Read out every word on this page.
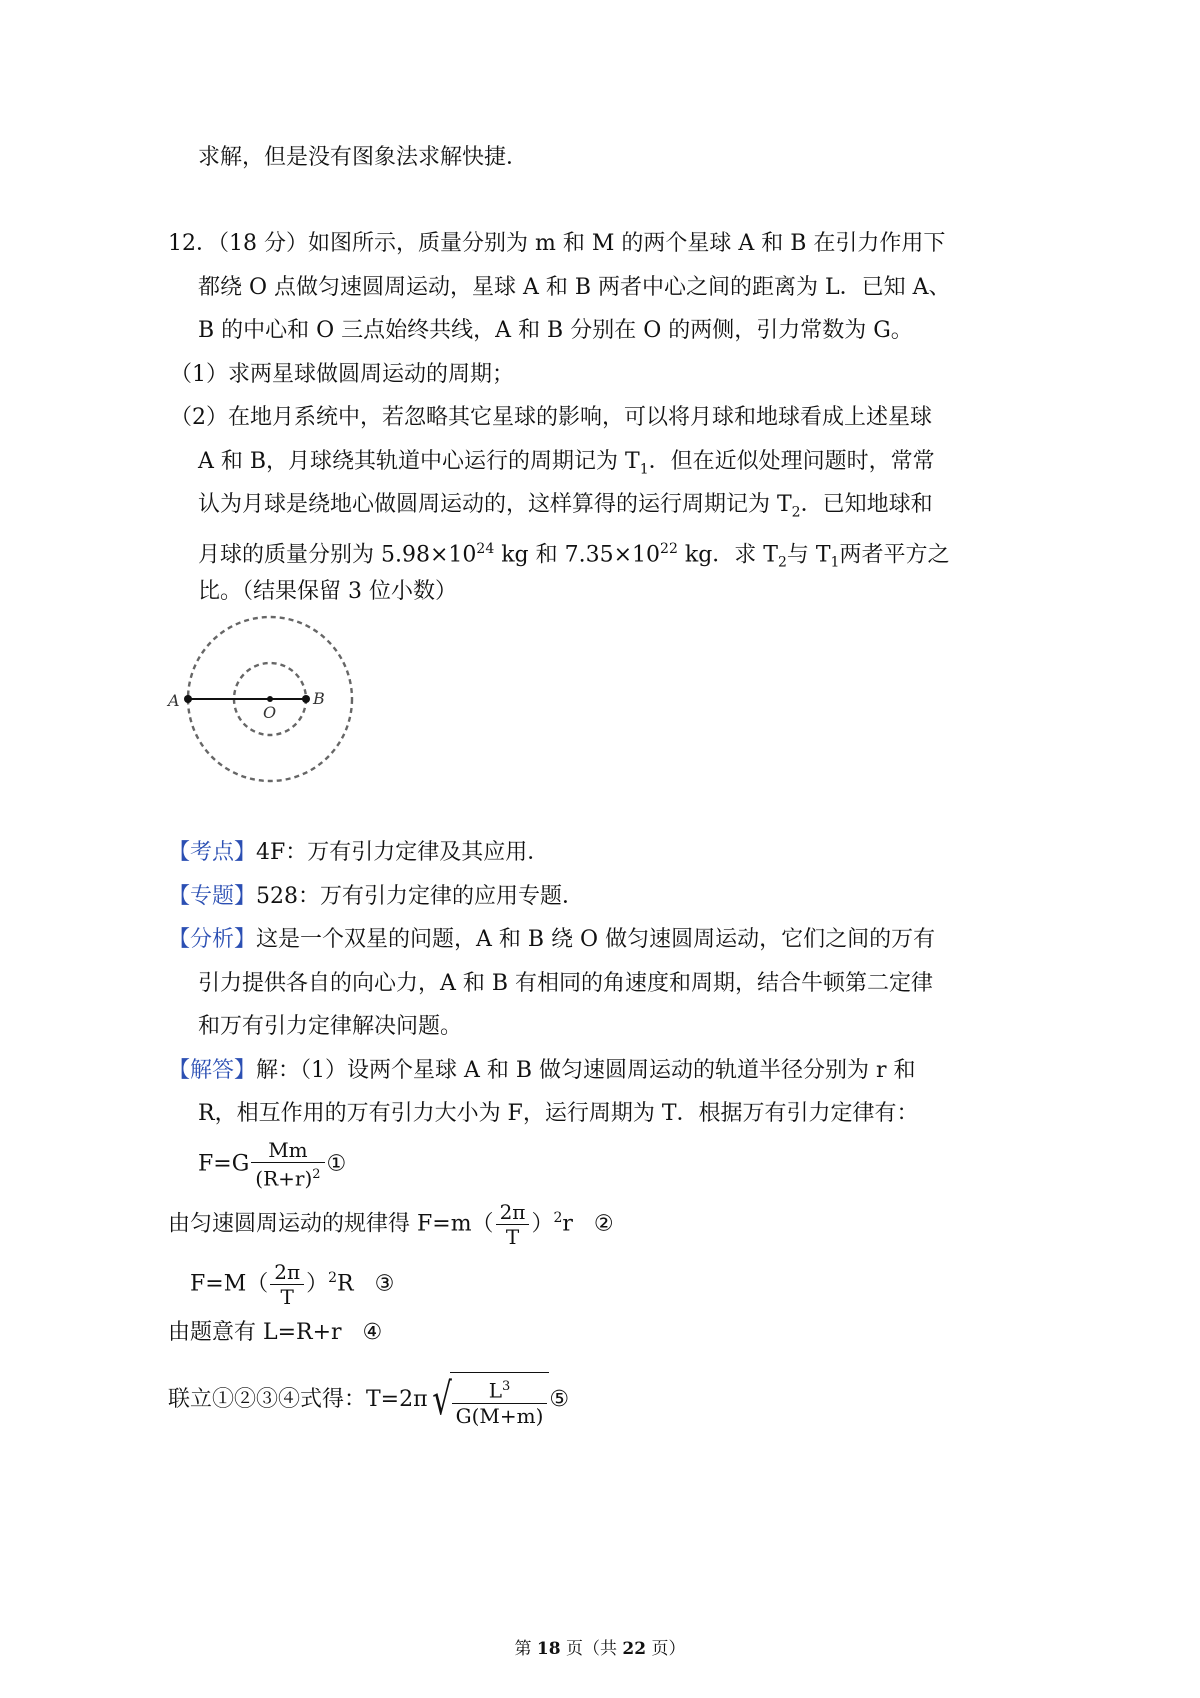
求解，但是没有图象法求解快捷．
12．（18 分）如图所示，质量分别为 m 和 M 的两个星球 A 和 B 在引力作用下
都绕 O 点做匀速圆周运动，星球 A 和 B 两者中心之间的距离为 L．已知 A、
B 的中心和 O 三点始终共线，A 和 B 分别在 O 的两侧，引力常数为 G。
（1）求两星球做圆周运动的周期；
（2）在地月系统中，若忽略其它星球的影响，可以将月球和地球看成上述星球
A 和 B，月球绕其轨道中心运行的周期记为 $T_1$．但在近似处理问题时，常常
认为月球是绕地心做圆周运动的，这样算得的运行周期记为 $T_2$．已知地球和
月球的质量分别为 $5.98\times 10^{24}$ kg 和 $7.35\times 10^{22}$ kg．求 $T_2$与 $T_1$两者平方之
比。（结果保留 3 位小数）
A
O
B
【考点】4F：万有引力定律及其应用．
【专题】528：万有引力定律的应用专题．
【分析】这是一个双星的问题，A 和 B 绕 O 做匀速圆周运动，它们之间的万有
引力提供各自的向心力，A 和 B 有相同的角速度和周期，结合牛顿第二定律
和万有引力定律解决问题。
【解答】解：（1）设两个星球 A 和 B 做匀速圆周运动的轨道半径分别为 r 和
R，相互作用的万有引力大小为 F，运行周期为 T．根据万有引力定律有：
$F=G \frac{Mm}{(R+r)^2}$ ①
由匀速圆周运动的规律得 $F=m( \frac{2\pi}{T} )^2r$ ②
$F=M( \frac{2\pi}{T} )^2R$ ③
由题意有 L=R+r ④
联立①②③④式得：$T=2\pi√ \frac{L^3}{G(M+m)}$ ⑤
第 18 页（共 22 页）
